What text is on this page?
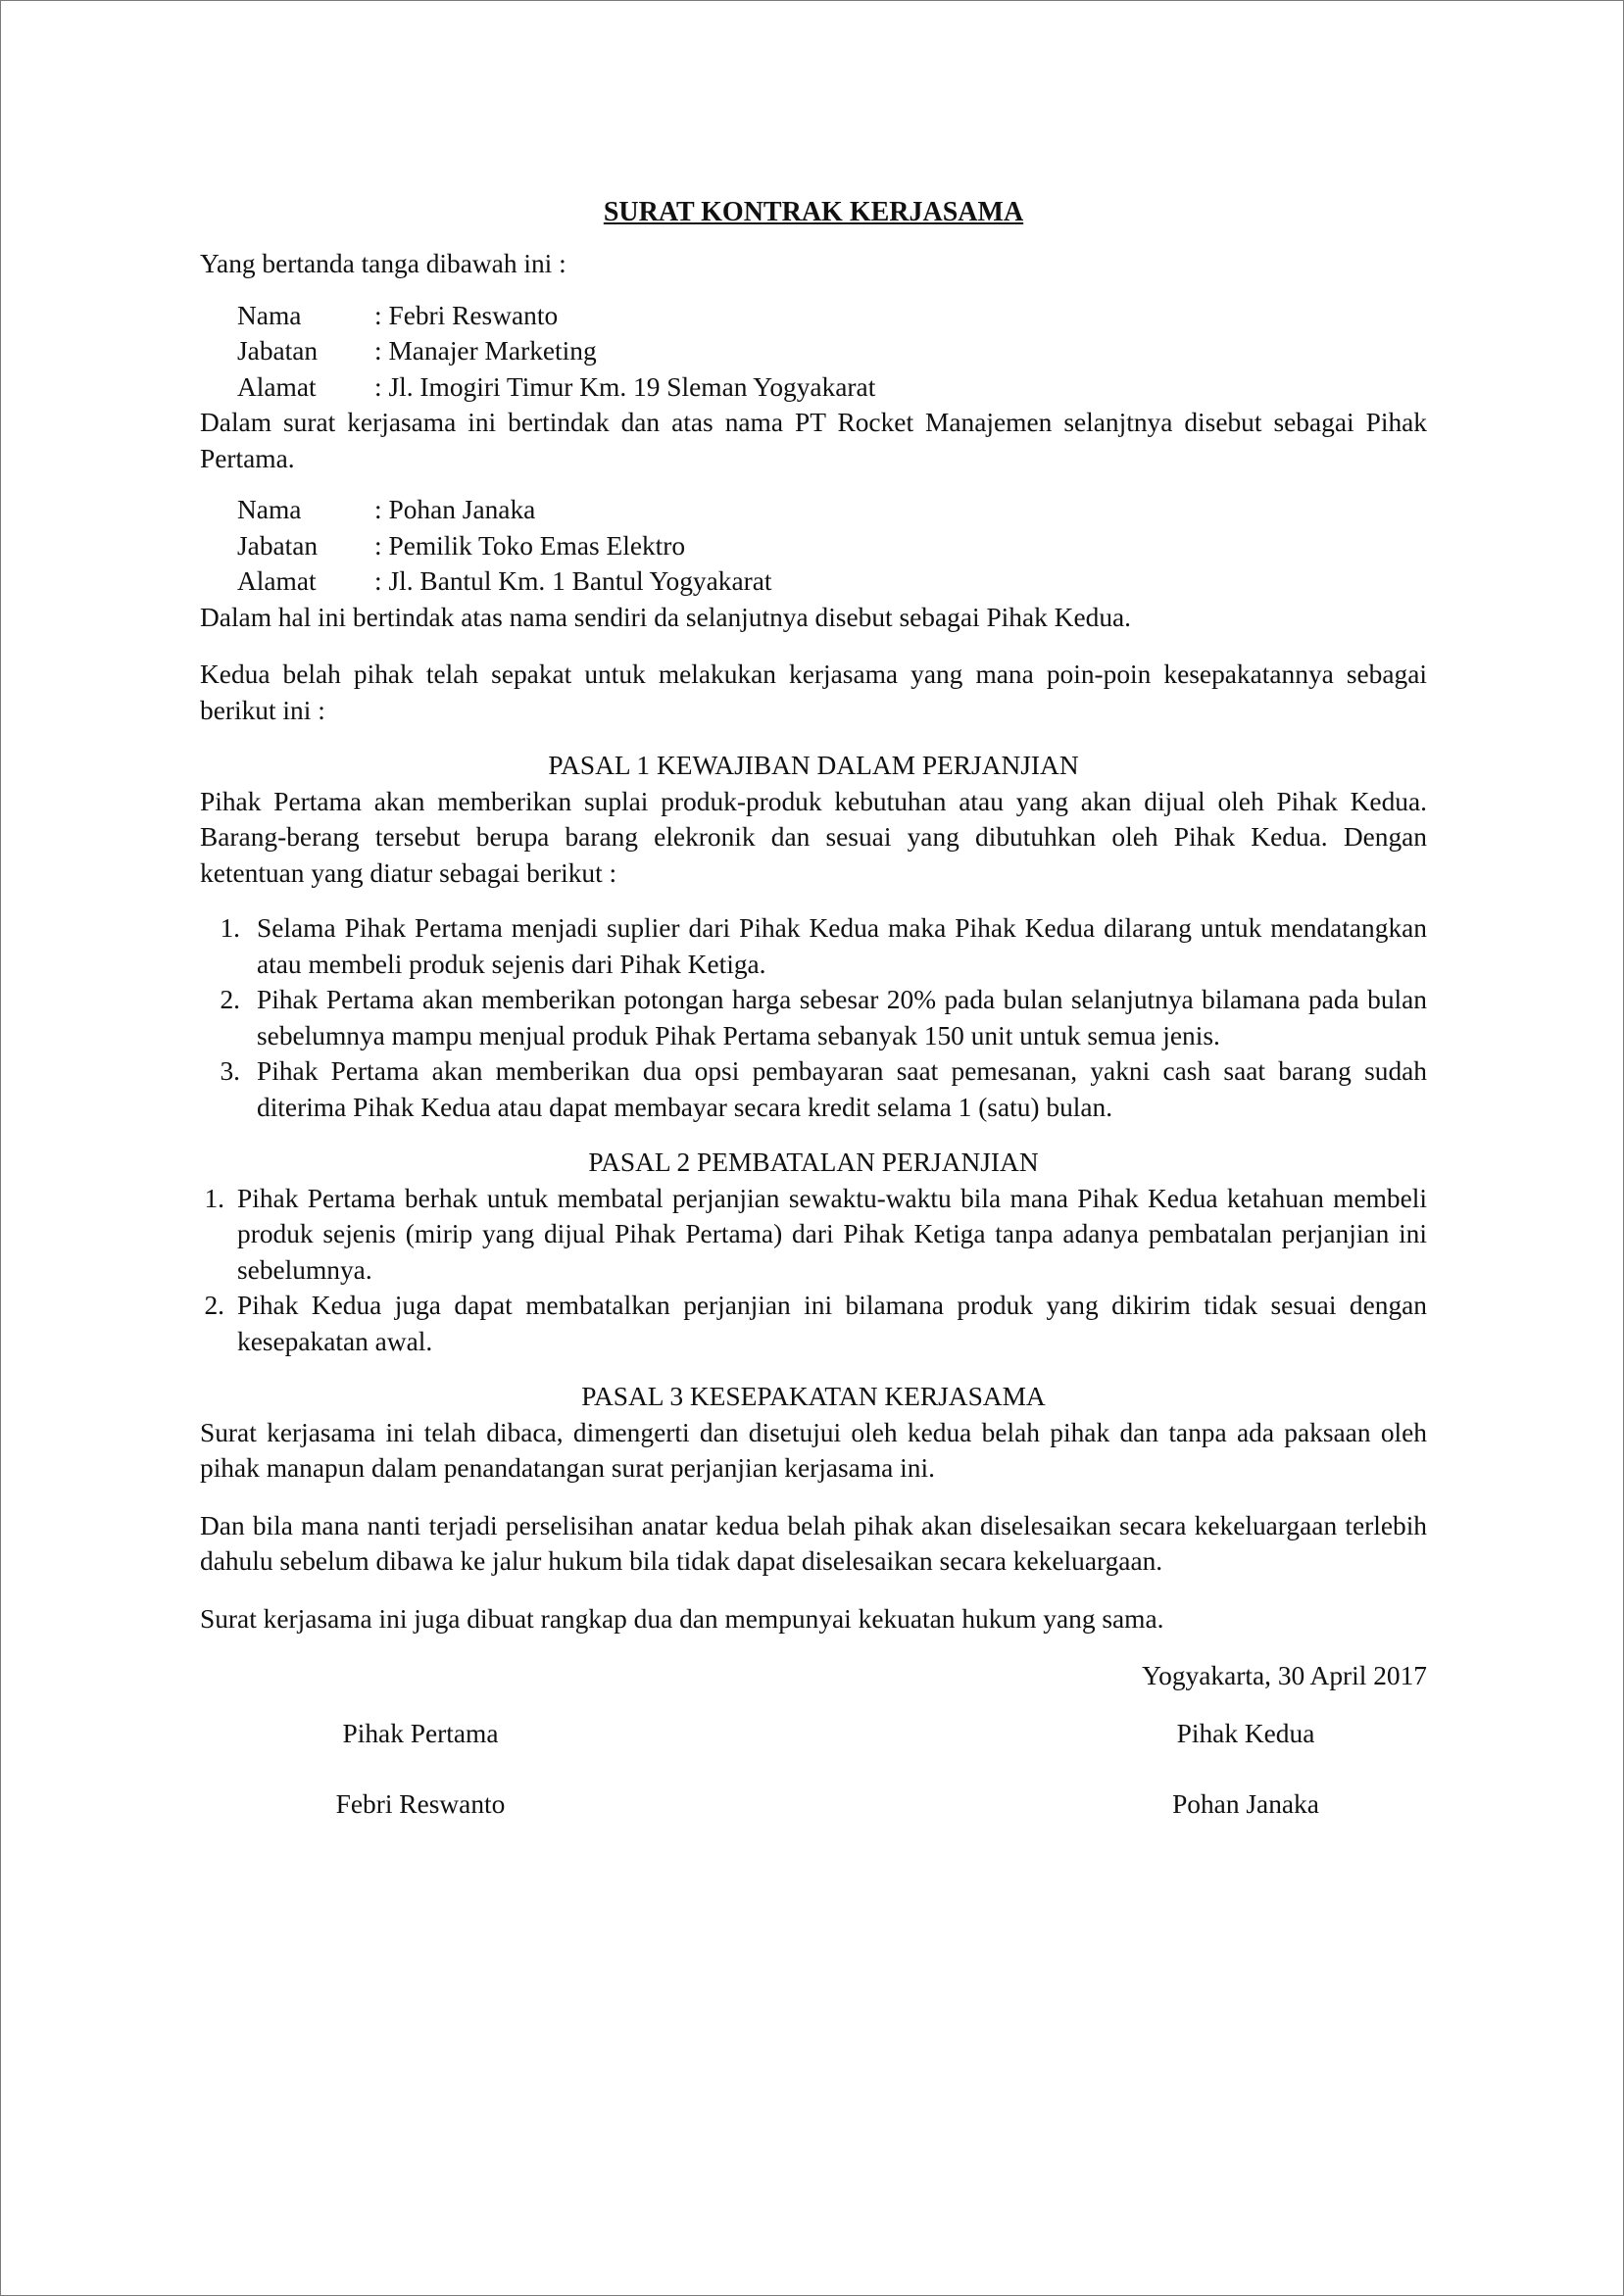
SURAT KONTRAK KERJASAMA

Yang bertanda tanga dibawah ini :

Nama	: Febri Reswanto
Jabatan	: Manajer Marketing
Alamat	: Jl. Imogiri Timur Km. 19 Sleman Yogyakarat

Dalam surat kerjasama ini bertindak dan atas nama PT Rocket Manajemen selanjtnya disebut sebagai Pihak Pertama.

Nama	: Pohan Janaka
Jabatan	: Pemilik Toko Emas Elektro
Alamat	: Jl. Bantul Km. 1 Bantul Yogyakarat

Dalam hal ini bertindak atas nama sendiri da selanjutnya disebut sebagai Pihak Kedua.

Kedua belah pihak telah sepakat untuk melakukan kerjasama yang mana poin-poin kesepakatannya sebagai berikut ini :

PASAL 1 KEWAJIBAN DALAM PERJANJIAN

Pihak Pertama akan memberikan suplai produk-produk kebutuhan atau yang akan dijual oleh Pihak Kedua. Barang-berang tersebut berupa barang elekronik dan sesuai yang dibutuhkan oleh Pihak Kedua. Dengan ketentuan yang diatur sebagai berikut :

1. Selama Pihak Pertama menjadi suplier dari Pihak Kedua maka Pihak Kedua dilarang untuk mendatangkan atau membeli produk sejenis dari Pihak Ketiga.
2. Pihak Pertama akan memberikan potongan harga sebesar 20% pada bulan selanjutnya bilamana pada bulan sebelumnya mampu menjual produk Pihak Pertama sebanyak 150 unit untuk semua jenis.
3. Pihak Pertama akan memberikan dua opsi pembayaran saat pemesanan, yakni cash saat barang sudah diterima Pihak Kedua atau dapat membayar secara kredit selama 1 (satu) bulan.

PASAL 2 PEMBATALAN PERJANJIAN

1. Pihak Pertama berhak untuk membatal perjanjian sewaktu-waktu bila mana Pihak Kedua ketahuan membeli produk sejenis (mirip yang dijual Pihak Pertama) dari Pihak Ketiga tanpa adanya pembatalan perjanjian ini sebelumnya.
2. Pihak Kedua juga dapat membatalkan perjanjian ini bilamana produk yang dikirim tidak sesuai dengan kesepakatan awal.

PASAL 3 KESEPAKATAN KERJASAMA

Surat kerjasama ini telah dibaca, dimengerti dan disetujui oleh kedua belah pihak dan tanpa ada paksaan oleh pihak manapun dalam penandatangan surat perjanjian kerjasama ini.

Dan bila mana nanti terjadi perselisihan anatar kedua belah pihak akan diselesaikan secara kekeluargaan terlebih dahulu sebelum dibawa ke jalur hukum bila tidak dapat diselesaikan secara kekeluargaan.

Surat kerjasama ini juga dibuat rangkap dua dan mempunyai kekuatan hukum yang sama.

Yogyakarta, 30 April 2017

Pihak Pertama	Pihak Kedua
Febri Reswanto	Pohan Janaka
